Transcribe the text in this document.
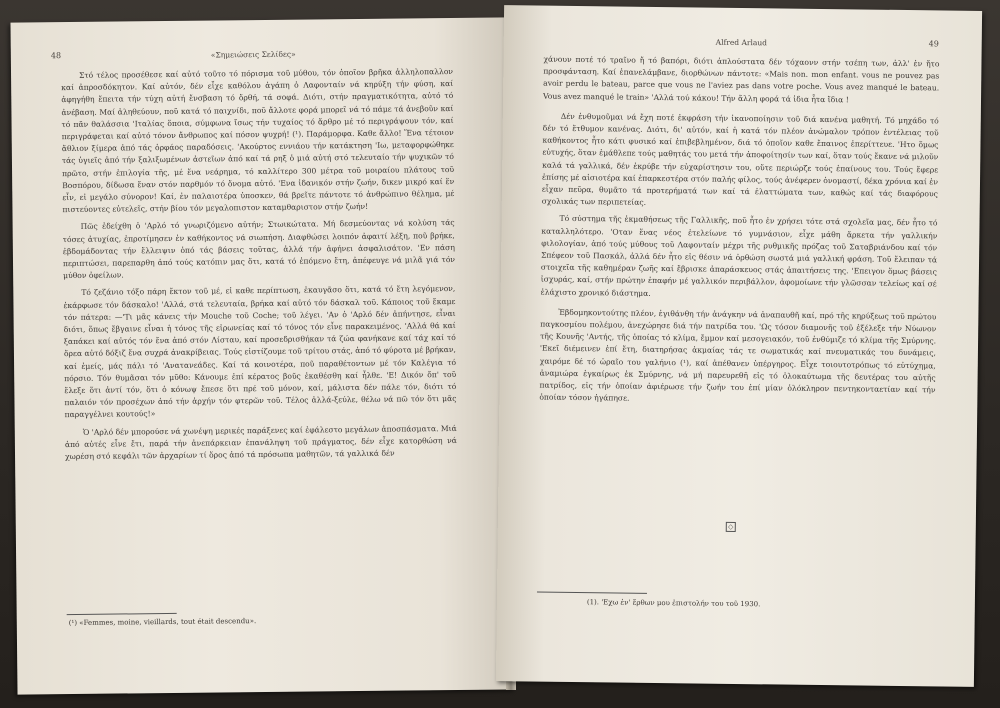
48	«Σημειώσεις Σελίδες»

Στό τέλος προσέθεσε καί αὐτό τοῦτο τό πόρισμα τοῦ μύθου, τόν ὁποῖον βρῆκα ἀλληλοπαλλον καί ἀπροσδόκητον. Καί αὐτόν, δέν εἶχε καθόλου ἀγάπη ὁ Λαφονταίν νά κηρύξη τήν φύση, καί ἀφηγήθη ἔπειτα τήν τύχη αὐτή ἔνσβαση τό ὄρθή, τά σοφά. Διότι, στήν πραγματικότητα, αὐτό τό ἀνέβαση. Μαί ἀληθεύουν, ποῦ κατά τό παιχνίδι, ποῦ ἄλλοτε φορά μπορεῖ νά τό πάμε τά ἀνεβοῦν καί τό πᾶν θαλάσσια 'Ιταλίας ὅποια, σύμφωνα ἴσως τήν τυχαίος τό ἄρθρο μέ τό περιγράψουν τόν, καί περιγράφεται καί αὐτό τόνον ἄνθρωπος καί πόσον ψυχρή! (¹). Παράμορφα. Καθε ἄλλο! Ἕνα τέτοιον ἄθλιον ξίμερα ἀπό τάς ὀρφάος παραδόσεις. 'Ακούρτος εννιάου τήν κατάκτηση 'Ιω, μεταφορφώθηκε τάς ὑγιεῖς ἀπό τήν ξαλιξωμένων ἀστεῖων ἀπό καί τά ρηξ ὁ μιά αὐτή στό τελευταίο τήν ψυχικῶν τό πρῶτο, στήν ἐπιλογία τῆς, μέ ἕνα νεάρημα, τό καλλίτερο 300 μέτρα τοῦ μοιραίου πλάτους τοῦ Βοσπόρου, δίδωσα ἔναν στόν παρθμόν τό ὄνομα αὐτό. 'Ενα ἰδανικόν στήν ζωήν, δικεν μικρό καί ἕν εἶν, εἰ μεγάλο σύνορον! Καί, ἐν παλαιοτέρα ὑποσκεν, θά βρεῖτε πάντοτε τό ἀνθρώπινο θέλημα, μέ πιστεύοντες εὐτελεῖς, στήν βίου τόν μεγαλοπιστον καταμθαριστον στήν ζωήν!

Πῶς ἐδείχθη ὁ 'Αρλό τό γνωριζόμενο αὐτήν; Στωικώτατα. Μή δεσμεύοντας νά κολύση τάς τόσες ἀτυχίας, ἐπροτίμησεν ἐν καθήκοντος νά σιωπήση. Διαφθώσει λοιπόν ἀφαιτί λέξη, ποῦ βρήκε, ἐβδομάδοντας τήν ἔλλειψιν ὁπό τάς βάσεις τοῦτας, ἀλλά τήν ἀφήνει ἀσφαλισάτον. 'Εν πάση περιπτώσει, παρεπαρθη ἀπό τούς κατόπιν μας ὅτι, κατά τό ἐπόμενο ἔτη, ἀπέφευγε νά μιλᾶ γιά τόν μύθον ὀφείλων.

Τό ζεζάνιο τόξο πάρη ἔκτον τοῦ μέ, εἰ καθε περίπτωση, ἐκαυγᾶσο ὅτι, κατά τό ἔτη λεγόμενον, ἐκάρφωσε τόν δάσκαλο! 'Αλλά, στά τελευταία, βρήκα καί αὐτό τόν δάσκαλ τοῦ. Κάποιος τοῦ ἔκαμε τόν πάτερα: —'Τι μᾶς κάνεις τήν Mouche τοῦ Coche; τοῦ λέγει. 'Αν ὁ 'Αρλό δέν ἀπήντησε, εἶναι διότι, ὅπως ἔβγαινε εἶναι ἡ τόνος τῆς εἰρωνείας καί τό τόνος τόν εἶνε παρακειμένος. 'Αλλά θά καί ξαπάκει καί αὐτός τόν ἔνα ἀπό στόν Λίσταυ, καί προσεδρισθήκαν τά ζώα φανήκανε καί τάχ καί τό ὄρεα αὐτό δόξιζ ἔνα συχρά ἀνακρίβειας. Τούς εἰστίζουμε τοῦ τρίτου στάς, ἀπό τό φύροτα μέ βρήκαν, καί ἐμείς, μάς πάλι τό 'Ανατανεάδες. Καί τά κοινοτέρα, ποῦ παραθέτοντων μέ τόν Καλέγια τό πόρσιο. Τόν θυμᾶσαι τόν μῦθο: Κάνουμε ἐπί κέρατος βοῦς ἐκαθέσθη καί ἦλθε. 'Ε! Δικόν ὄπ' τοῦ ἔλεξε ὅτι ἀντί τόν, ὅτι ὁ κόνωψ ἔπεσε ὅτι πρέ τοῦ μόνον, καί, μάλιστα δέν πάλε τόν, διότι τό παλαιόν τόν προσέχων ἀπό τήν ἀρχήν τόν φτερῶν τοῦ. Τέλος ἀλλά-ξεύλε, θέλω νά πῶ τόν ὅτι μᾶς παραγγέλνει κουτούς!»

Ὁ 'Αρλό δέν μπορούσε νά χωνέψη μερικές παράξενες καί ἐφάλεστο μεγάλων ἀποσπάσματα. Μιά ἀπό αὐτές εἶνε ἔτι, παρά τήν ἀνεπάρκειαν ἐπανάληψη τοῦ πράγματος, δέν εἶχε κατορθώση νά χωρέση στό κεφάλι τῶν ἀρχαρίων τί ὅρος ἀπό τά πρόσωπα μαθητῶν, τά γαλλικά δέν

(¹) «Femmes, moine, vieillards, tout était descendu».
Alfred Arlaud	49

χάνουν ποτέ τό τραῖνο ἤ τό βαπόρι, διότι ἀπλούστατα δέν τόχαονν στήν τσέπη των, ἀλλ' ἐν ἤτο προσφάνταση. Καί ἐπανελάμβανε, διορθώνων πάντοτε: «Mais non. mon enfant. vous ne pouvez pas avoir perdu le bateau, parce que vous ne l'aviez pas dans votre poche. Vous avez manqué le bateau. Vous avez manqué le train» 'Αλλά τού κάκου! Τήν ἄλλη φορά τά ἰδια ἦτα ἴδια !

Δέν ἐνθυμοῦμαι νά ἔχη ποτέ ἐκφράση τήν ἱκανοποίησιν τοῦ διά κανένα μαθητή. Τό μηχάδο τό δέν τό ἔτθυμον κανένας. Διότι, δι' αὐτόν, καί ἡ κατά τόν πλέον ἀνώμαλον τρόπον ἐντέλειας τοῦ καθήκοντος ἦτο κάτι φυσικό καί ἐπιβεβλημένον, διά τό ὁποῖον καθε ἔπαινος ἐπερίττευε. 'Ητο ὅμως εὐτυχής, ὅταν ἐμάθλεπε τούς μαθητάς του μετά τήν ἀποφοίτησίν των καί, ὅταν τούς ἔκανε νά μιλοῦν καλά τά γαλλικά, δέν ἐκρύβε τήν εὐχαρίστησιν του, οὔτε περιώρζε τούς ἐπαίνους του. Τούς ἔφερε ἐπίσης μέ αἰσιοτέρα καί ἐπαρκεστέρα στόν παλής φίλος, τούς ἀνέφερεν ὀνομαστί, δέκα χρόνια καί ἐν εἶχαν πεῦρα, θυμᾶτο τά προτερήματά των καί τά ἐλαττώματα των, καθώς καί τάς διαφόρους σχολικάς των περιπετείας.

Τό σύστημα τῆς ἐκμαθήσεως τῆς Γαλλικῆς, ποῦ ἦτο ἐν χρήσει τότε στά σχολεῖα μας, δέν ἦτο τό καταλληλότερο. 'Οταν ἕνας νέος ἐτελείωνε τό γυμνάσιον, εἶχε μάθη ἄρκετα τήν γαλλικήν φιλολογίαν, ἀπό τούς μύθους τοῦ Λαφονταίν μέχρι τῆς ρυθμικῆς πρόζας τοῦ Σαταβριάνδου καί τόν Σπέφεον τοῦ Πασκάλ, ἀλλά δέν ἦτο εἰς θέσιν νά ὀρθώση σωστά μιά γαλλική φράση. Τοῦ ἔλειπαν τά στοιχεῖα τῆς καθημέραν ζωῆς καί ἔβρισκε ἀπαράσκευος στάς ἀπαιτήσεις της. 'Επειγον ὅμως βάσεις ἰσχυράς, καί, στήν πρώτην ἐπαφήν μέ γαλλικόν περιβάλλον, ἀφομοίωνε τήν γλῶσσαν τελείως καί σέ ἐλάχιστο χρονικό διάστημα.

Ἐβδομηκοντούτης πλέον, ἐγιθάνθη τήν ἀνάγκην νά ἀναπαυθῆ καί, πρό τῆς κηρύξεως τοῦ πρώτου παγκοσμίου πολέμου, ἀνεχώρησε διά τήν πατρίδα του. 'Ως τόσον διαμονῆς τοῦ ἐξέλεξε τήν Νύωνον τῆς Κουνῆς 'Αντής, τῆς ὁποίας τό κλίμα, ἔμμον καί μεσογειακόν, τοῦ ἐνθύμιζε τό κλίμα τῆς Σμύρνης. 'Εκεῖ διέμεινεν ἐπί ἔτη, διατηρήσας ἀκμαίας τάς τε σωματικάς καί πνευματικάς του δυνάμεις, χαιρόμε δέ τό ὡραῖο του γαλήνιο (¹), καί ἀπέθανεν ὑπέργηρος. Εἶχε τοιουτοτρόπως τό εὐτύχημα, ἀναμιώρα ἐγκαίρως ἐκ Σμύρνης, νά μή παρευρεθῆ εἰς τό ὁλοκαύτωμα τῆς δευτέρας του αὐτῆς πατρίδος, εἰς τήν ὁποίαν ἀφιέρωσε τήν ζωήν του ἐπί μίαν ὁλόκληρον πεντηκονταετίαν καί τήν ὁποίαν τόσον ἠγάπησε.

◇
(1). 'Εχω ἐν' ἔρθων μου ἐπιστολήν του τοῦ 1930.
